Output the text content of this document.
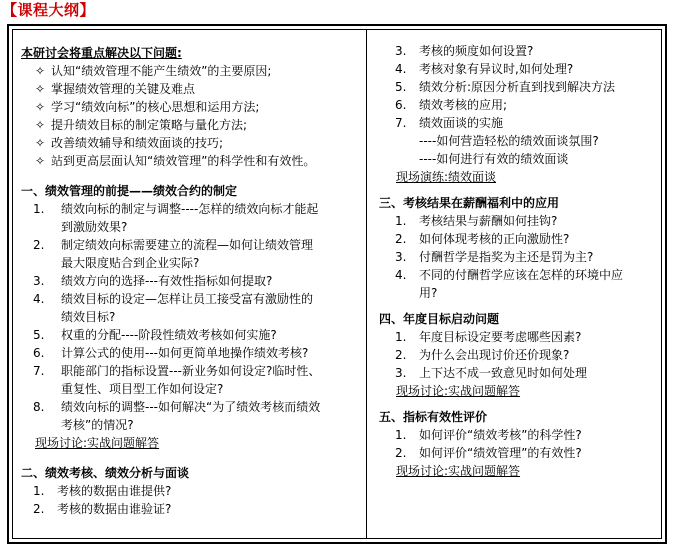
【课程大纲】
本研讨会将重点解决以下问题:
✧ 认知“绩效管理不能产生绩效”的主要原因;
✧ 掌握绩效管理的关键及难点
✧ 学习“绩效向标”的核心思想和运用方法;
✧ 提升绩效目标的制定策略与量化方法;
✧ 改善绩效辅导和绩效面谈的技巧;
✧ 站到更高层面认知“绩效管理”的科学性和有效性。
一、绩效管理的前提——绩效合约的制定
1. 绩效向标的制定与调整----怎样的绩效向标才能起
到激励效果?
2. 制定绩效向标需要建立的流程—如何让绩效管理
最大限度贴合到企业实际?
3. 绩效方向的选择---有效性指标如何提取?
4. 绩效目标的设定—怎样让员工接受富有激励性的
绩效目标?
5. 权重的分配----阶段性绩效考核如何实施?
6. 计算公式的使用---如何更简单地操作绩效考核?
7. 职能部门的指标设置---新业务如何设定?临时性、
重复性、项目型工作如何设定?
8. 绩效向标的调整---如何解决“为了绩效考核而绩效
考核”的情况?
现场讨论:实战问题解答
二、绩效考核、绩效分析与面谈
1. 考核的数据由谁提供?
2. 考核的数据由谁验证?
3. 考核的频度如何设置?
4. 考核对象有异议时,如何处理?
5. 绩效分析:原因分析直到找到解决方法
6. 绩效考核的应用;
7. 绩效面谈的实施
----如何营造轻松的绩效面谈氛围?
----如何进行有效的绩效面谈
现场演练:绩效面谈
三、考核结果在薪酬福利中的应用
1. 考核结果与薪酬如何挂钩?
2. 如何体现考核的正向激励性?
3. 付酬哲学是指奖为主还是罚为主?
4. 不同的付酬哲学应该在怎样的环境中应
用?
四、年度目标启动问题
1. 年度目标设定要考虑哪些因素?
2. 为什么会出现讨价还价现象?
3. 上下达不成一致意见时如何处理
现场讨论:实战问题解答
五、指标有效性评价
1. 如何评价“绩效考核”的科学性?
2. 如何评价“绩效管理”的有效性?
现场讨论:实战问题解答
